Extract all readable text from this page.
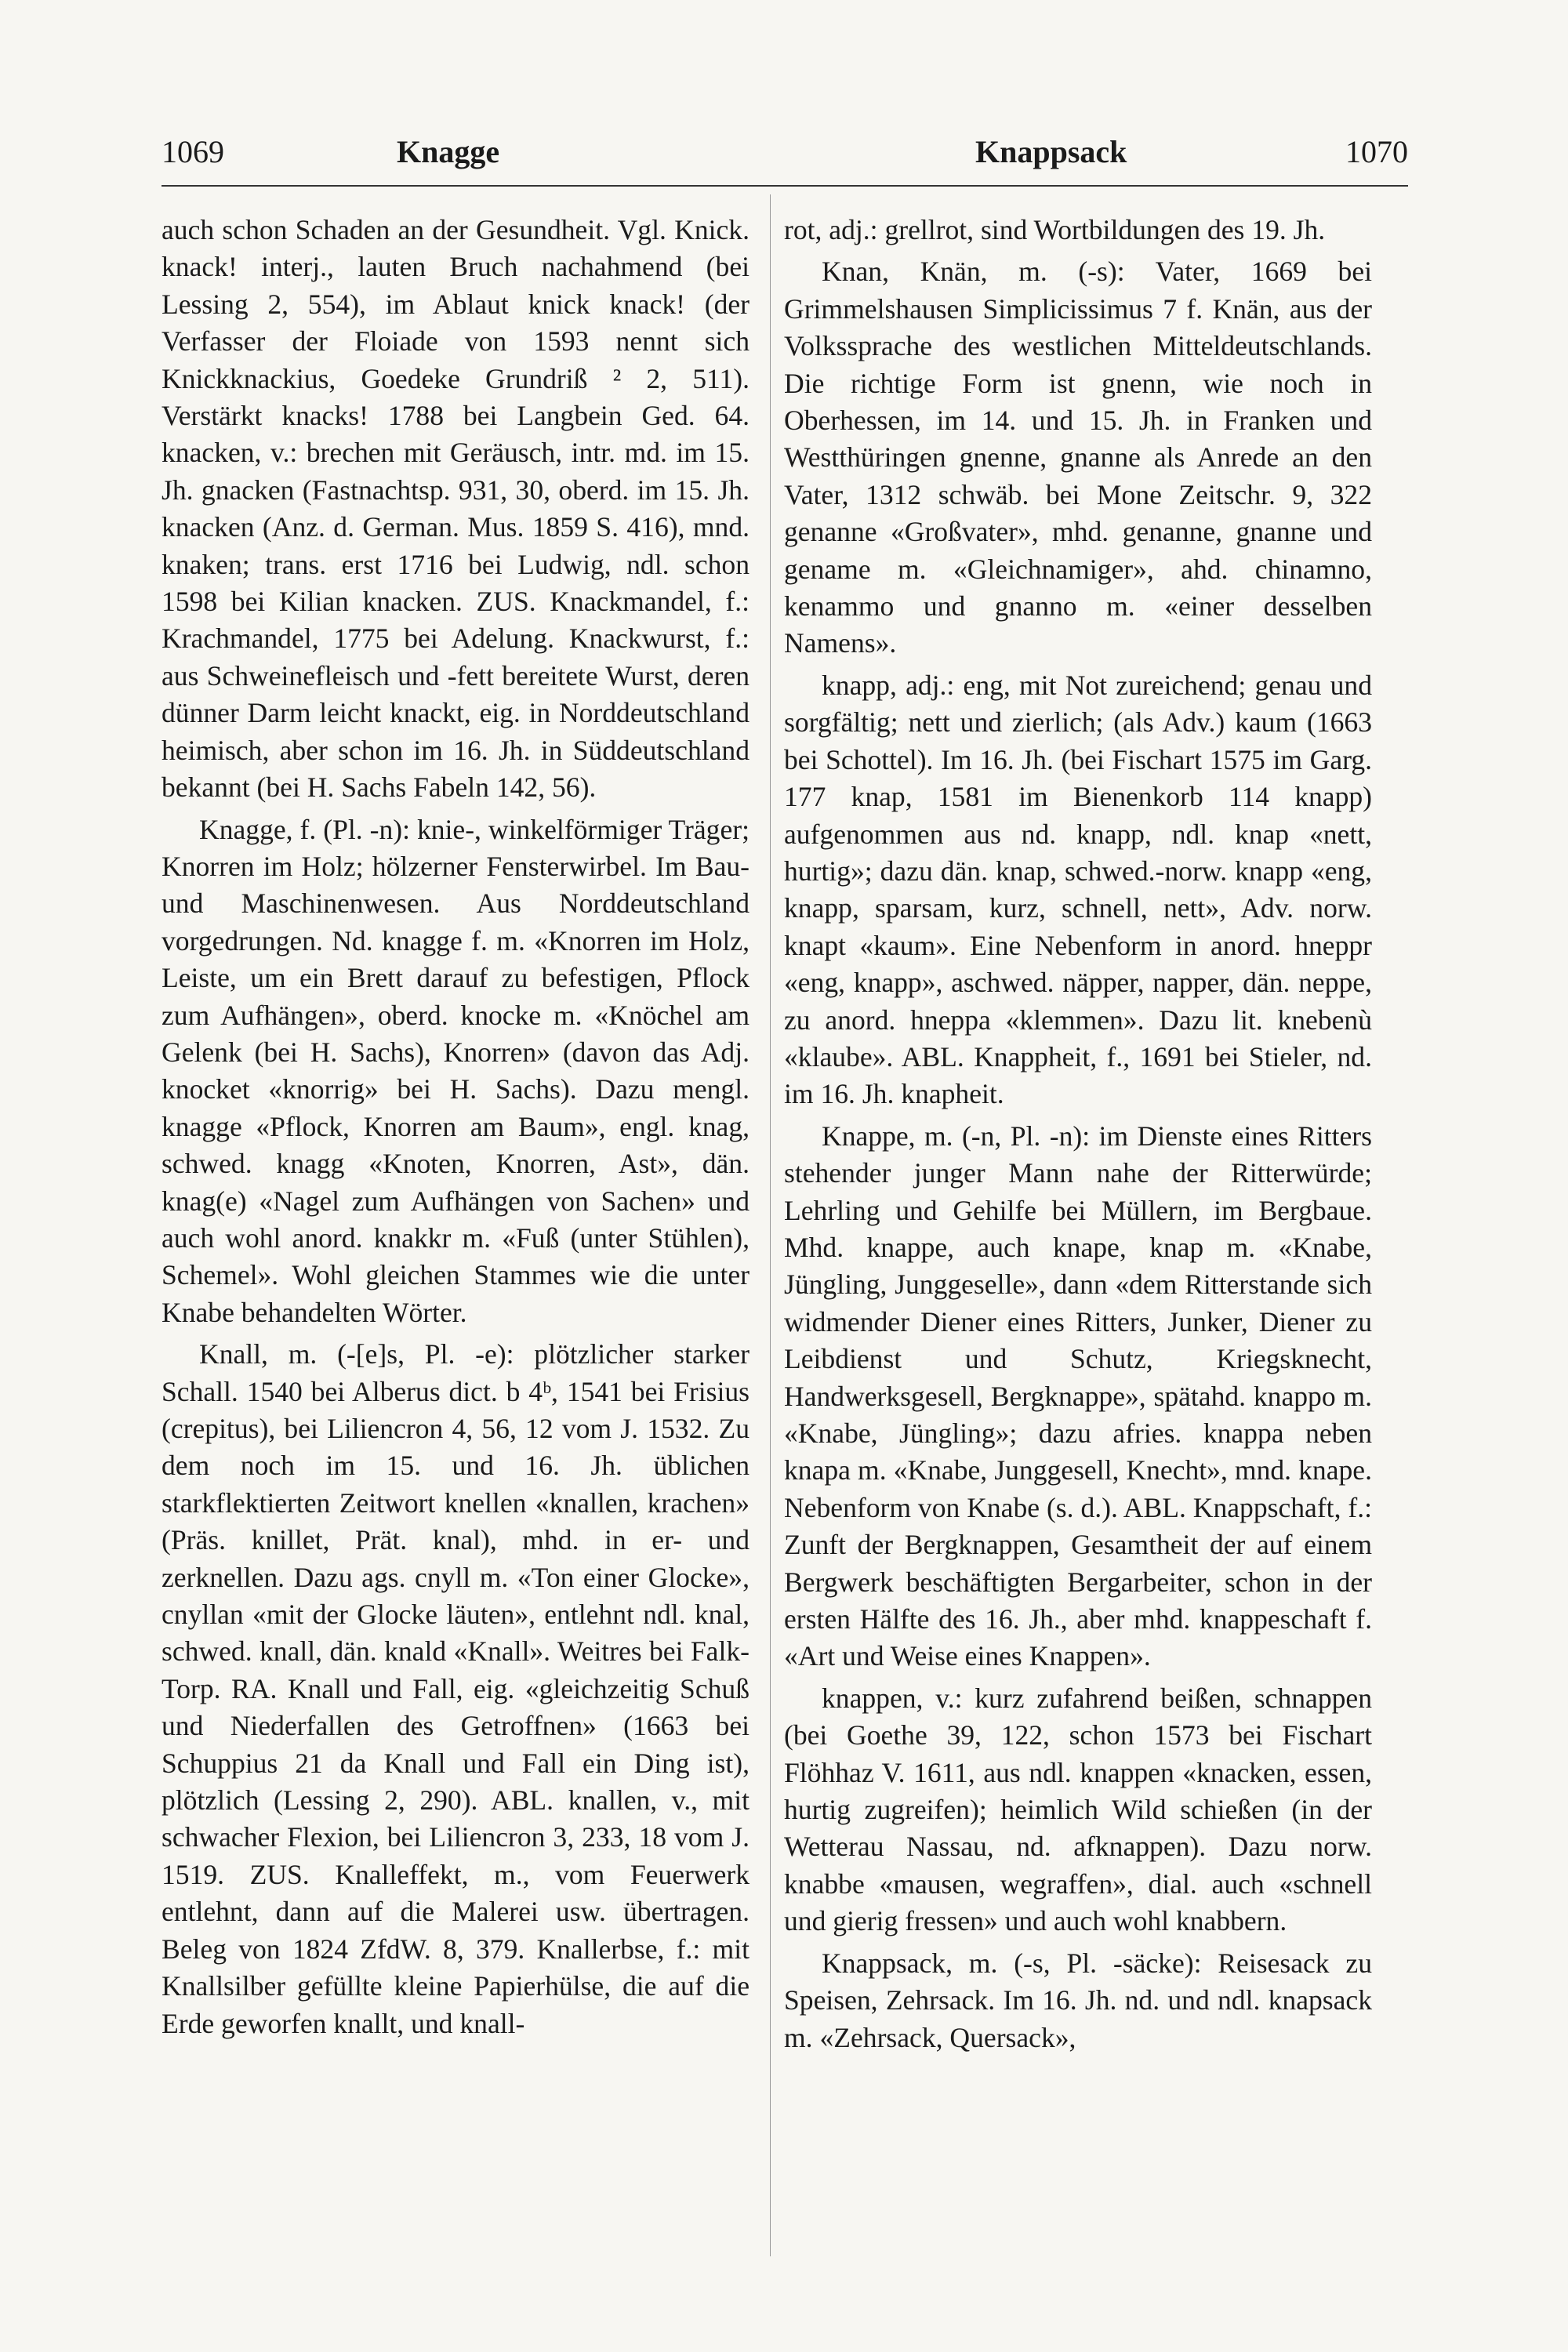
1069	Knagge	Knappsack	1070

auch schon Schaden an der Gesundheit. Vgl. Knick. knack! interj., lauten Bruch nachahmend (bei Lessing 2, 554), im Ablaut knick knack! (der Verfasser der Floiade von 1593 nennt sich Knickknackius, Goedeke Grundriß ² 2, 511). Verstärkt knacks! 1788 bei Langbein Ged. 64. knacken, v.: brechen mit Geräusch, intr. md. im 15. Jh. gnacken (Fastnachtsp. 931, 30, oberd. im 15. Jh. knacken (Anz. d. German. Mus. 1859 S. 416), mnd. knaken; trans. erst 1716 bei Ludwig, ndl. schon 1598 bei Kilian knacken. ZUS. Knackmandel, f.: Krachmandel, 1775 bei Adelung. Knackwurst, f.: aus Schweinefleisch und -fett bereitete Wurst, deren dünner Darm leicht knackt, eig. in Norddeutschland heimisch, aber schon im 16. Jh. in Süddeutschland bekannt (bei H. Sachs Fabeln 142, 56).

Knagge, f. (Pl. -n): knie-, winkelförmiger Träger; Knorren im Holz; hölzerner Fensterwirbel. Im Bau- und Maschinenwesen. Aus Norddeutschland vorgedrungen. Nd. knagge f. m. «Knorren im Holz, Leiste, um ein Brett darauf zu befestigen, Pflock zum Aufhängen», oberd. knocke m. «Knöchel am Gelenk (bei H. Sachs), Knorren» (davon das Adj. knocket «knorrig» bei H. Sachs). Dazu mengl. knagge «Pflock, Knorren am Baum», engl. knag, schwed. knagg «Knoten, Knorren, Ast», dän. knag(e) «Nagel zum Aufhängen von Sachen» und auch wohl anord. knakkr m. «Fuß (unter Stühlen), Schemel». Wohl gleichen Stammes wie die unter Knabe behandelten Wörter.

Knall, m. (-[e]s, Pl. -e): plötzlicher starker Schall. 1540 bei Alberus dict. b 4ᵇ, 1541 bei Frisius (crepitus), bei Liliencron 4, 56, 12 vom J. 1532. Zu dem noch im 15. und 16. Jh. üblichen starkflektierten Zeitwort knellen «knallen, krachen» (Präs. knillet, Prät. knal), mhd. in er- und zerknellen. Dazu ags. cnyll m. «Ton einer Glocke», cnyllan «mit der Glocke läuten», entlehnt ndl. knal, schwed. knall, dän. knald «Knall». Weitres bei Falk-Torp. RA. Knall und Fall, eig. «gleichzeitig Schuß und Niederfallen des Getroffnen» (1663 bei Schuppius 21 da Knall und Fall ein Ding ist), plötzlich (Lessing 2, 290). ABL. knallen, v., mit schwacher Flexion, bei Liliencron 3, 233, 18 vom J. 1519. ZUS. Knalleffekt, m., vom Feuerwerk entlehnt, dann auf die Malerei usw. übertragen. Beleg von 1824 ZfdW. 8, 379. Knallerbse, f.: mit Knallsilber gefüllte kleine Papierhülse, die auf die Erde geworfen knallt, und knall-

rot, adj.: grellrot, sind Wortbildungen des 19. Jh.

Knan, Knän, m. (-s): Vater, 1669 bei Grimmelshausen Simplicissimus 7 f. Knän, aus der Volkssprache des westlichen Mitteldeutschlands. Die richtige Form ist gnenn, wie noch in Oberhessen, im 14. und 15. Jh. in Franken und Westthüringen gnenne, gnanne als Anrede an den Vater, 1312 schwäb. bei Mone Zeitschr. 9, 322 genanne «Großvater», mhd. genanne, gnanne und gename m. «Gleichnamiger», ahd. chinamno, kenammo und gnanno m. «einer desselben Namens».

knapp, adj.: eng, mit Not zureichend; genau und sorgfältig; nett und zierlich; (als Adv.) kaum (1663 bei Schottel). Im 16. Jh. (bei Fischart 1575 im Garg. 177 knap, 1581 im Bienenkorb 114 knapp) aufgenommen aus nd. knapp, ndl. knap «nett, hurtig»; dazu dän. knap, schwed.-norw. knapp «eng, knapp, sparsam, kurz, schnell, nett», Adv. norw. knapt «kaum». Eine Nebenform in anord. hneppr «eng, knapp», aschwed. näpper, napper, dän. neppe, zu anord. hneppa «klemmen». Dazu lit. knebenù «klaube». ABL. Knappheit, f., 1691 bei Stieler, nd. im 16. Jh. knapheit.

Knappe, m. (-n, Pl. -n): im Dienste eines Ritters stehender junger Mann nahe der Ritterwürde; Lehrling und Gehilfe bei Müllern, im Bergbaue. Mhd. knappe, auch knape, knap m. «Knabe, Jüngling, Junggeselle», dann «dem Ritterstande sich widmender Diener eines Ritters, Junker, Diener zu Leibdienst und Schutz, Kriegsknecht, Handwerksgesell, Bergknappe», spätahd. knappo m. «Knabe, Jüngling»; dazu afries. knappa neben knapa m. «Knabe, Junggesell, Knecht», mnd. knape. Nebenform von Knabe (s. d.). ABL. Knappschaft, f.: Zunft der Bergknappen, Gesamtheit der auf einem Bergwerk beschäftigten Bergarbeiter, schon in der ersten Hälfte des 16. Jh., aber mhd. knappeschaft f. «Art und Weise eines Knappen».

knappen, v.: kurz zufahrend beißen, schnappen (bei Goethe 39, 122, schon 1573 bei Fischart Flöhhaz V. 1611, aus ndl. knappen «knacken, essen, hurtig zugreifen); heimlich Wild schießen (in der Wetterau Nassau, nd. afknappen). Dazu norw. knabbe «mausen, wegraffen», dial. auch «schnell und gierig fressen» und auch wohl knabbern.

Knappsack, m. (-s, Pl. -säcke): Reisesack zu Speisen, Zehrsack. Im 16. Jh. nd. und ndl. knapsack m. «Zehrsack, Quersack»,
